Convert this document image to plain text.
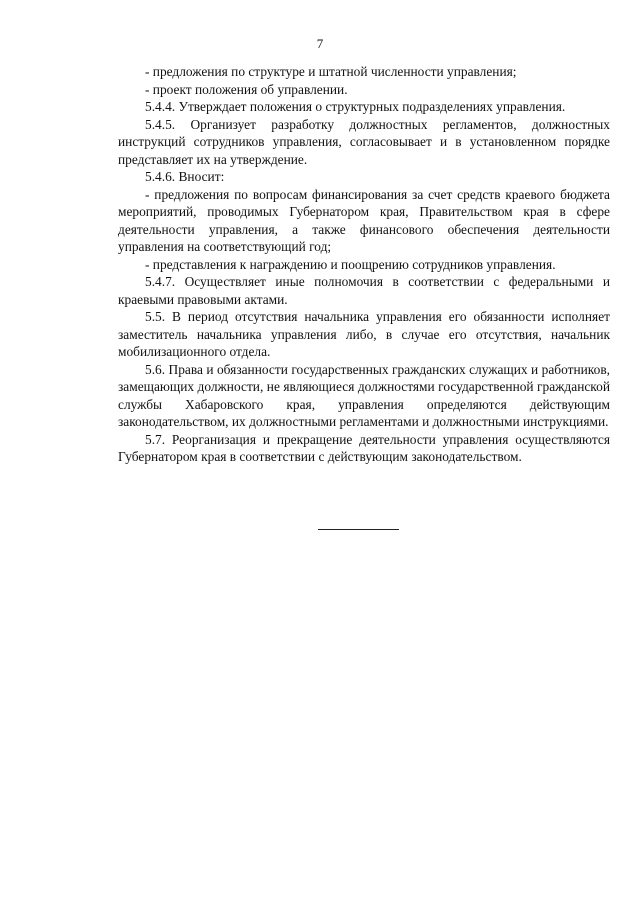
7

- предложения по структуре и штатной численности управления;

- проект положения об управлении.

5.4.4. Утверждает положения о структурных подразделениях управления.

5.4.5. Организует разработку должностных регламентов, должностных инструкций сотрудников управления, согласовывает и в установленном порядке представляет их на утверждение.

5.4.6. Вносит:

- предложения по вопросам финансирования за счет средств краевого бюджета мероприятий, проводимых Губернатором края, Правительством края в сфере деятельности управления, а также финансового обеспечения деятельности управления на соответствующий год;

- представления к награждению и поощрению сотрудников управления.

5.4.7. Осуществляет иные полномочия в соответствии с федеральными и краевыми правовыми актами.

5.5. В период отсутствия начальника управления его обязанности исполняет заместитель начальника управления либо, в случае его отсутствия, начальник мобилизационного отдела.

5.6. Права и обязанности государственных гражданских служащих и работников, замещающих должности, не являющиеся должностями государственной гражданской службы Хабаровского края, управления определяются действующим законодательством, их должностными регламентами и должностными инструкциями.

5.7. Реорганизация и прекращение деятельности управления осуществляются Губернатором края в соответствии с действующим законодательством.
